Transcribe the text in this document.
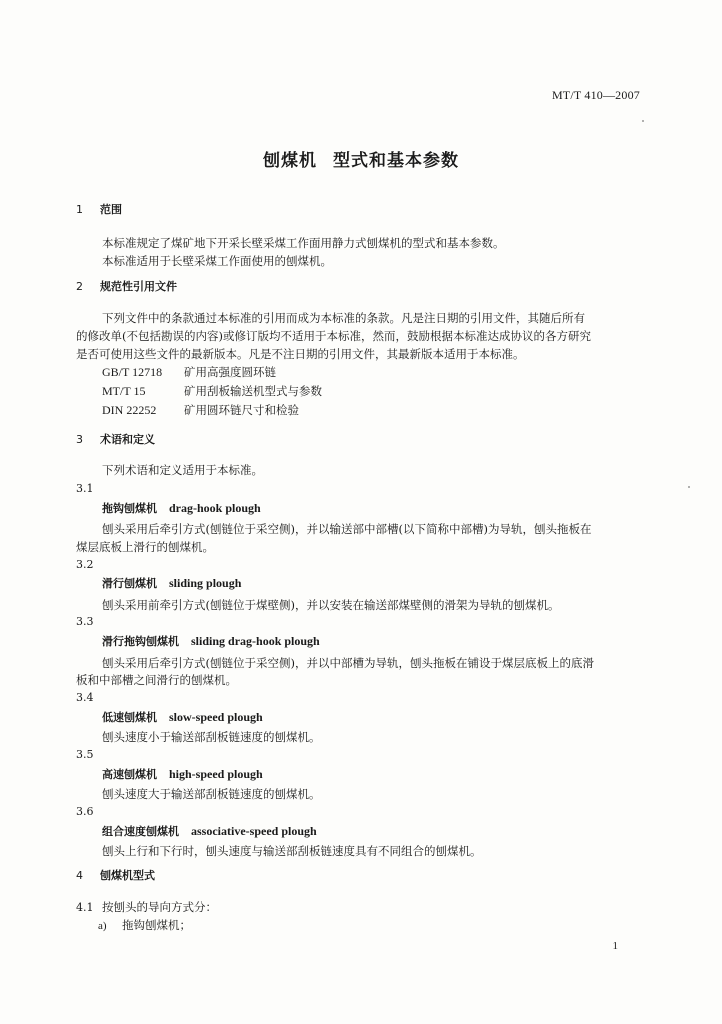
MT/T 410—2007
刨煤机 型式和基本参数
1 范围
本标准规定了煤矿地下开采长壁采煤工作面用静力式刨煤机的型式和基本参数。
本标准适用于长壁采煤工作面使用的刨煤机。
2 规范性引用文件
下列文件中的条款通过本标准的引用而成为本标准的条款。凡是注日期的引用文件，其随后所有
的修改单(不包括勘误的内容)或修订版均不适用于本标准，然而，鼓励根据本标准达成协议的各方研究
是否可使用这些文件的最新版本。凡是不注日期的引用文件，其最新版本适用于本标准。
GB/T 12718 矿用高强度圆环链
MT/T 15	矿用刮板输送机型式与参数
DIN 22252 矿用圆环链尺寸和检验
3 术语和定义
下列术语和定义适用于本标准。
3.1
拖钩刨煤机 drag-hook plough
刨头采用后牵引方式(刨链位于采空侧)，并以输送部中部槽(以下简称中部槽)为导轨，刨头拖板在
煤层底板上滑行的刨煤机。
3.2
滑行刨煤机 sliding plough
刨头采用前牵引方式(刨链位于煤壁侧)，并以安装在输送部煤壁侧的滑架为导轨的刨煤机。
3.3
滑行拖钩刨煤机 sliding drag-hook plough
刨头采用后牵引方式(刨链位于采空侧)，并以中部槽为导轨，刨头拖板在铺设于煤层底板上的底滑
板和中部槽之间滑行的刨煤机。
3.4
低速刨煤机 slow-speed plough
刨头速度小于输送部刮板链速度的刨煤机。
3.5
高速刨煤机 high-speed plough
刨头速度大于输送部刮板链速度的刨煤机。
3.6
组合速度刨煤机 associative-speed plough
刨头上行和下行时，刨头速度与输送部刮板链速度具有不同组合的刨煤机。
4 刨煤机型式
4.1 按刨头的导向方式分：
a) 拖钩刨煤机；
1
